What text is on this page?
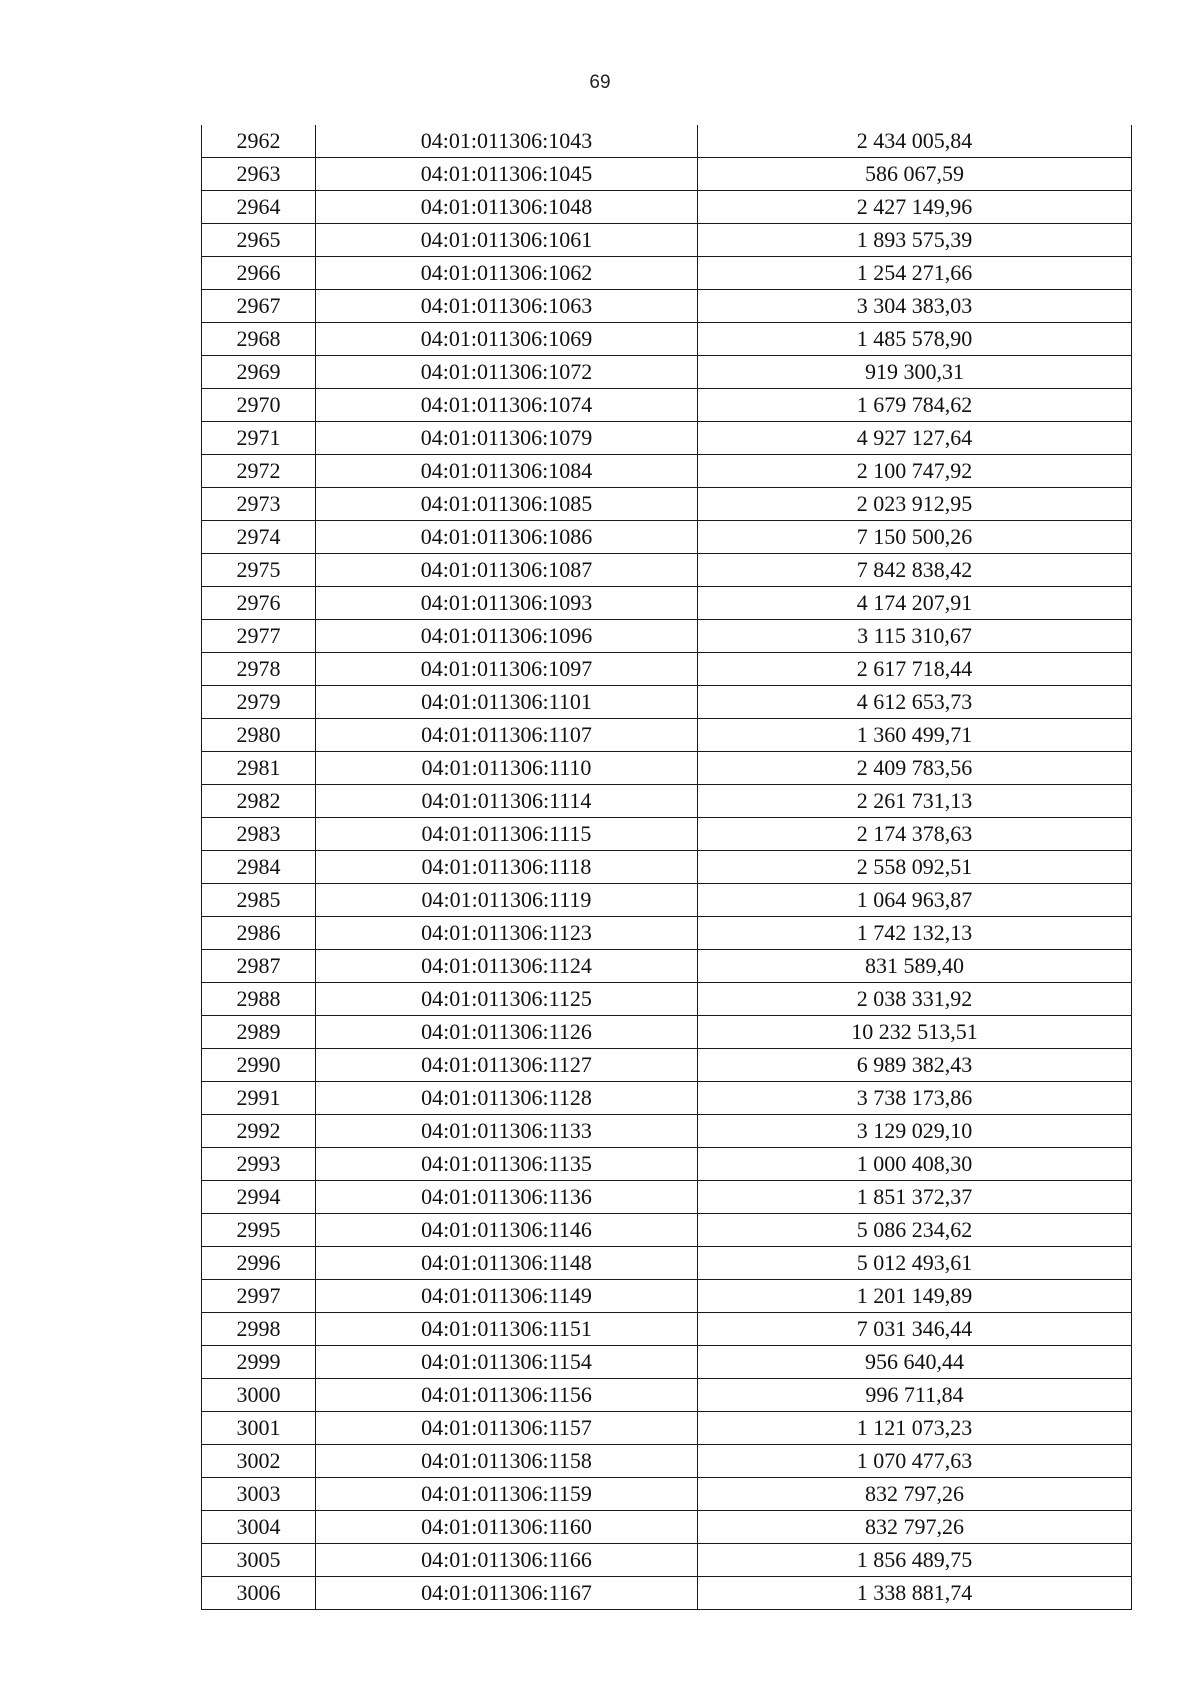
69
2962	04:01:011306:1043	2 434 005,84
2963	04:01:011306:1045	586 067,59
2964	04:01:011306:1048	2 427 149,96
2965	04:01:011306:1061	1 893 575,39
2966	04:01:011306:1062	1 254 271,66
2967	04:01:011306:1063	3 304 383,03
2968	04:01:011306:1069	1 485 578,90
2969	04:01:011306:1072	919 300,31
2970	04:01:011306:1074	1 679 784,62
2971	04:01:011306:1079	4 927 127,64
2972	04:01:011306:1084	2 100 747,92
2973	04:01:011306:1085	2 023 912,95
2974	04:01:011306:1086	7 150 500,26
2975	04:01:011306:1087	7 842 838,42
2976	04:01:011306:1093	4 174 207,91
2977	04:01:011306:1096	3 115 310,67
2978	04:01:011306:1097	2 617 718,44
2979	04:01:011306:1101	4 612 653,73
2980	04:01:011306:1107	1 360 499,71
2981	04:01:011306:1110	2 409 783,56
2982	04:01:011306:1114	2 261 731,13
2983	04:01:011306:1115	2 174 378,63
2984	04:01:011306:1118	2 558 092,51
2985	04:01:011306:1119	1 064 963,87
2986	04:01:011306:1123	1 742 132,13
2987	04:01:011306:1124	831 589,40
2988	04:01:011306:1125	2 038 331,92
2989	04:01:011306:1126	10 232 513,51
2990	04:01:011306:1127	6 989 382,43
2991	04:01:011306:1128	3 738 173,86
2992	04:01:011306:1133	3 129 029,10
2993	04:01:011306:1135	1 000 408,30
2994	04:01:011306:1136	1 851 372,37
2995	04:01:011306:1146	5 086 234,62
2996	04:01:011306:1148	5 012 493,61
2997	04:01:011306:1149	1 201 149,89
2998	04:01:011306:1151	7 031 346,44
2999	04:01:011306:1154	956 640,44
3000	04:01:011306:1156	996 711,84
3001	04:01:011306:1157	1 121 073,23
3002	04:01:011306:1158	1 070 477,63
3003	04:01:011306:1159	832 797,26
3004	04:01:011306:1160	832 797,26
3005	04:01:011306:1166	1 856 489,75
3006	04:01:011306:1167	1 338 881,74
